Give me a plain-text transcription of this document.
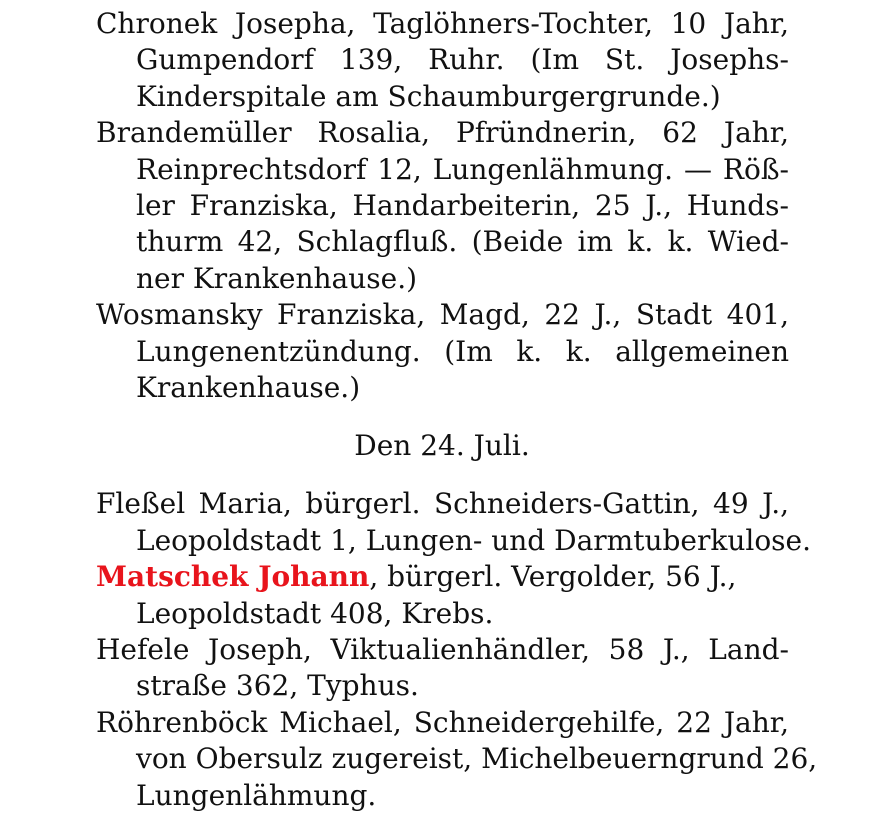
Chronek Josepha, Taglöhners-Tochter, 10 Jahr,
Gumpendorf 139, Ruhr. (Im St. Josephs-
Kinderspitale am Schaumburgergrunde.)
Brandemüller Rosalia, Pfründnerin, 62 Jahr,
Reinprechtsdorf 12, Lungenlähmung. — Röß-
ler Franziska, Handarbeiterin, 25 J., Hunds-
thurm 42, Schlagfluß. (Beide im k. k. Wied-
ner Krankenhause.)
Wosmansky Franziska, Magd, 22 J., Stadt 401,
Lungenentzündung. (Im k. k. allgemeinen
Krankenhause.)
Den 24. Juli.
Fleßel Maria, bürgerl. Schneiders-Gattin, 49 J.,
Leopoldstadt 1, Lungen- und Darmtuberkulose.
Matschek Johann, bürgerl. Vergolder, 56 J.,
Leopoldstadt 408, Krebs.
Hefele Joseph, Viktualienhändler, 58 J., Land-
straße 362, Typhus.
Röhrenböck Michael, Schneidergehilfe, 22 Jahr,
von Obersulz zugereist, Michelbeuerngrund 26,
Lungenlähmung.
